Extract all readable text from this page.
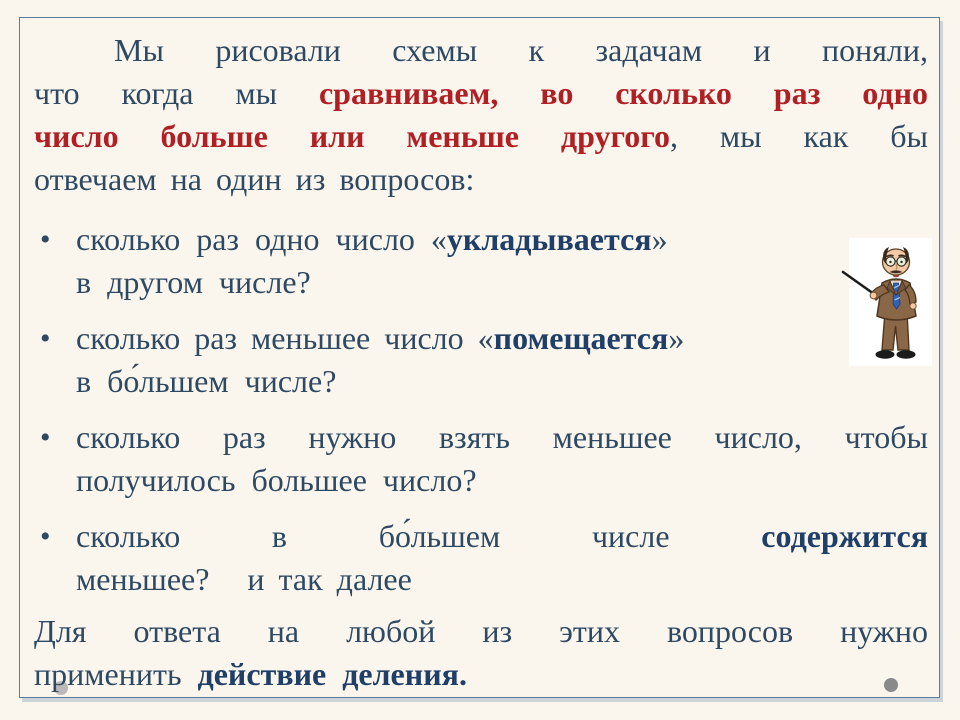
Мы рисовали схемы к задачам и поняли,
что когда мы сравниваем, во сколько раз одно
число больше или меньше другого, мы как бы
отвечаем на один из вопросов:
• сколько раз одно число «укладывается»
в другом числе?
• сколько раз меньшее число «помещается»
в бо́льшем числе?
• сколько раз нужно взять меньшее число, чтобы
получилось большее число?
• сколько в бо́льшем числе	содержится
меньшее? и так далее
Для ответа на любой из этих вопросов нужно
применить действие деления.
